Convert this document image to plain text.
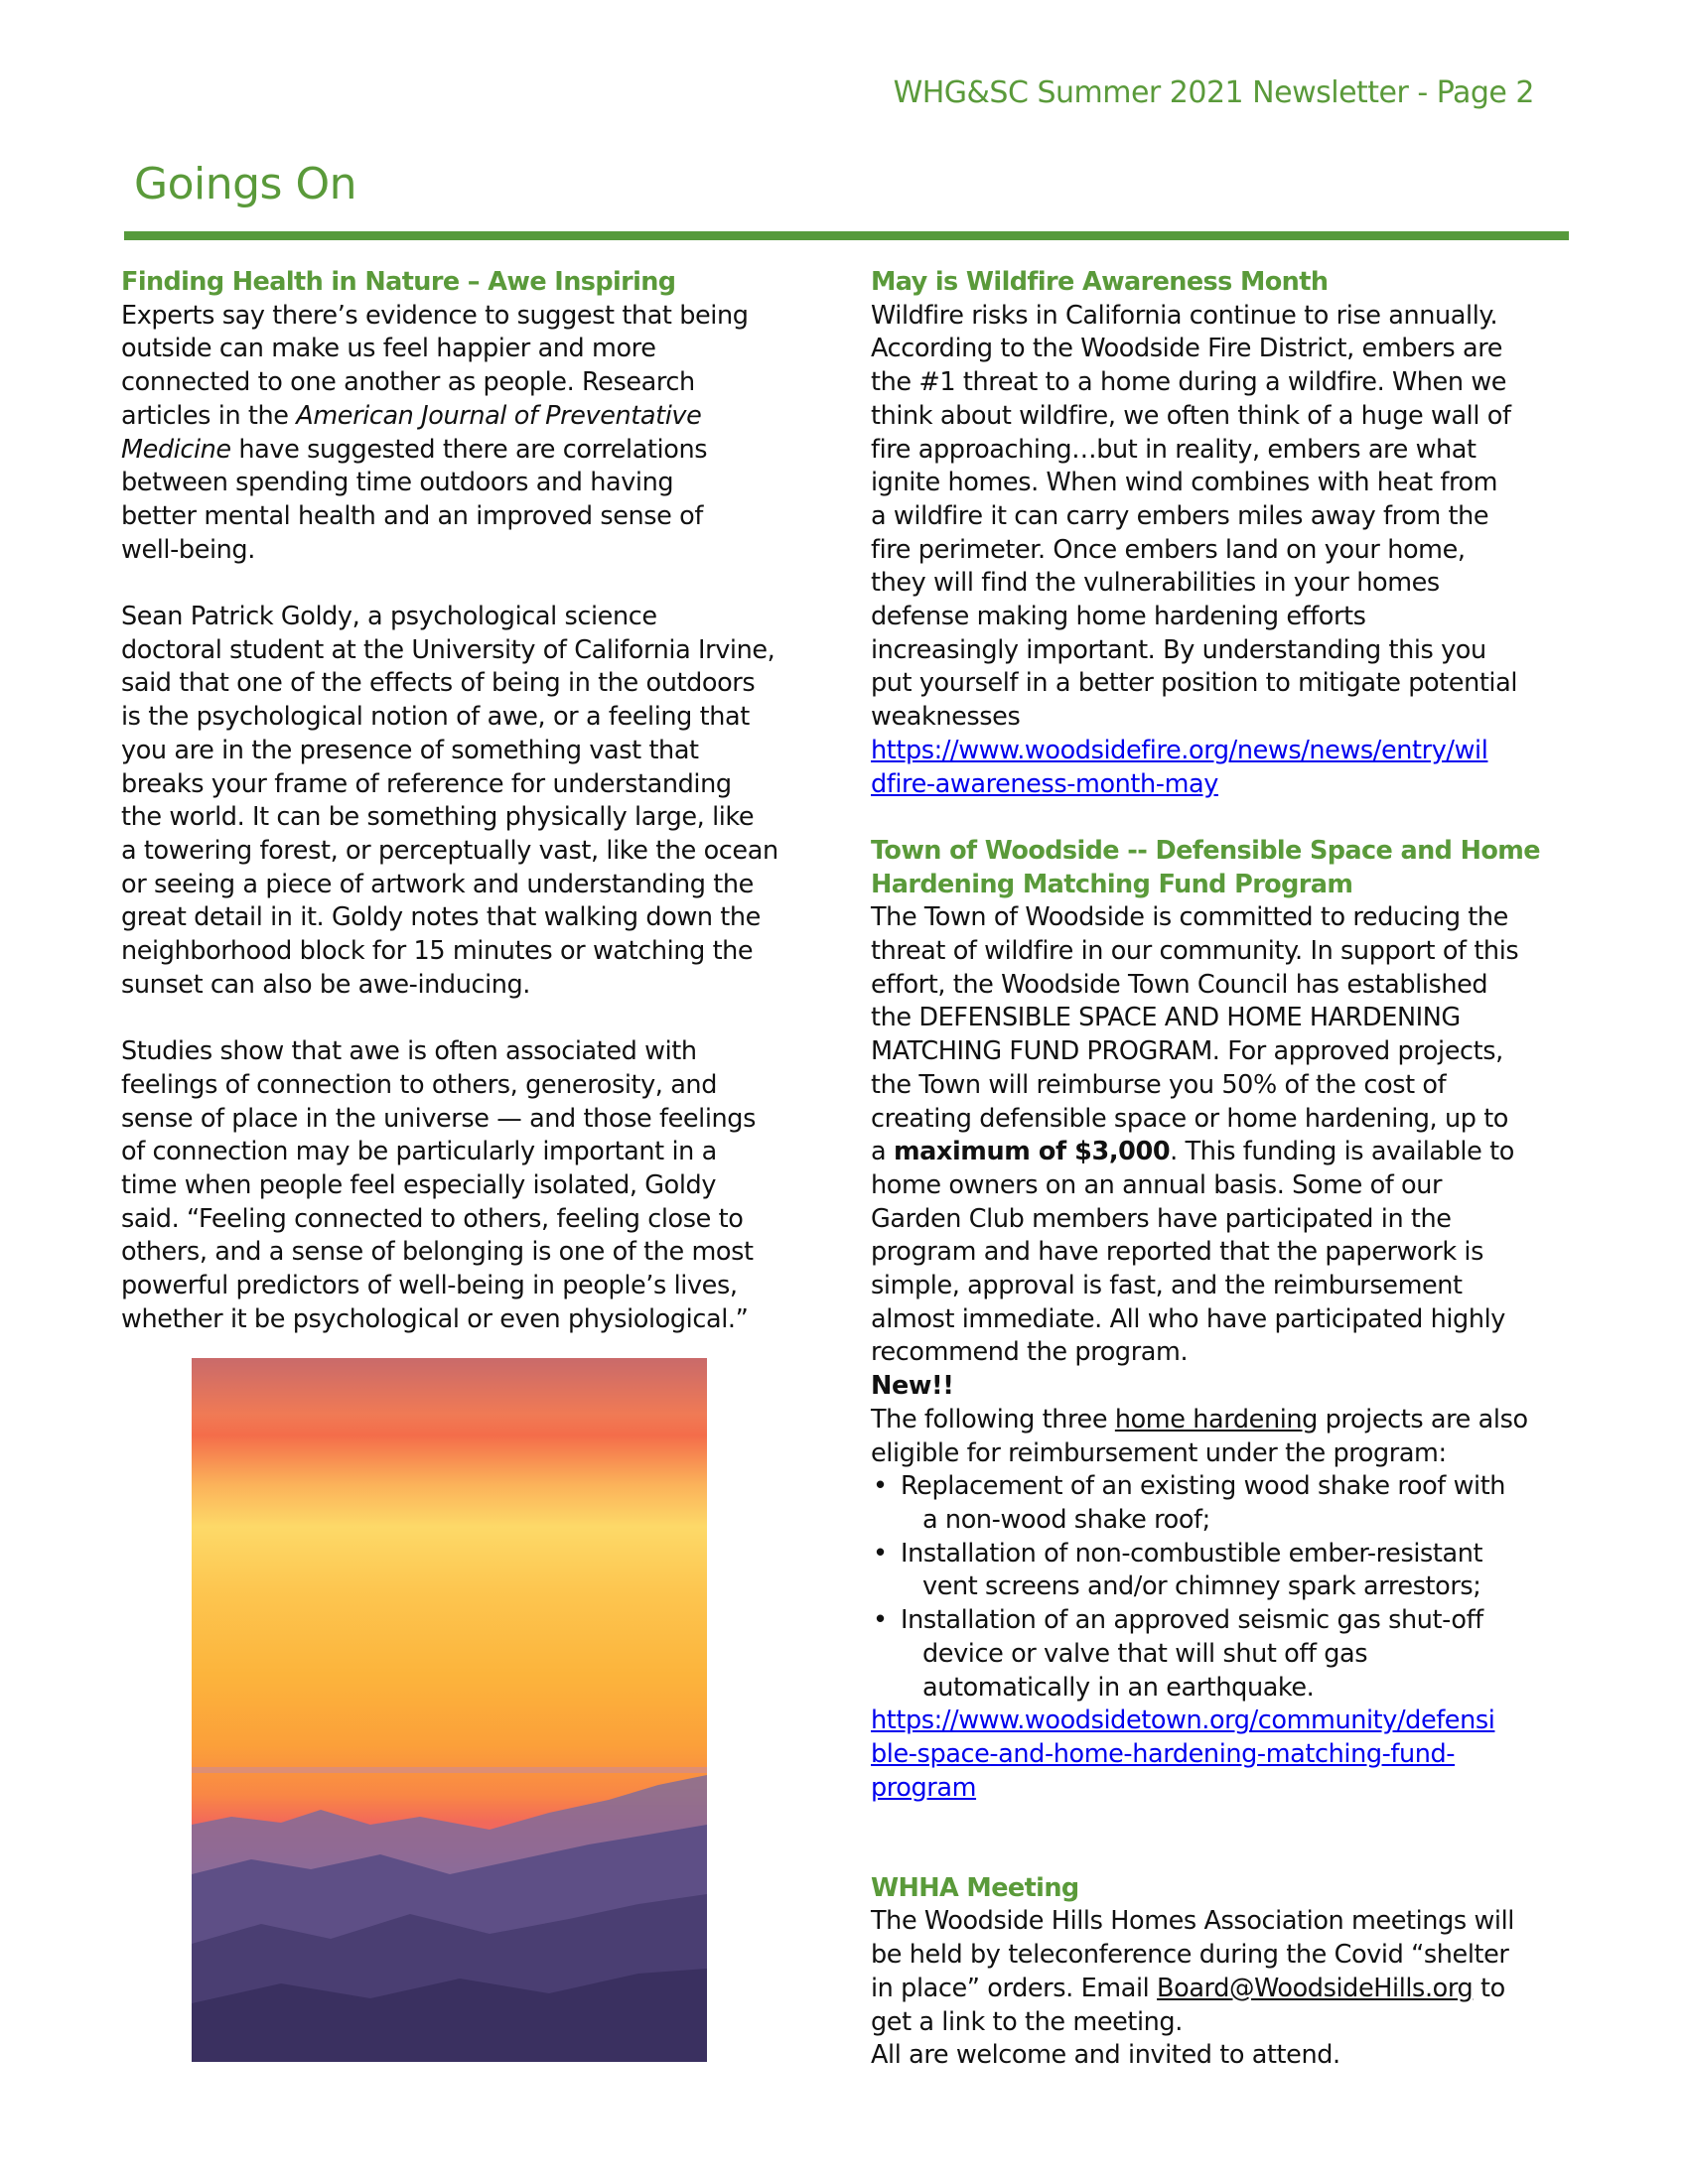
WHG&SC Summer 2021 Newsletter - Page 2
Goings On
Finding Health in Nature – Awe Inspiring
Experts say there’s evidence to suggest that being
outside can make us feel happier and more
connected to one another as people. Research
articles in the American Journal of Preventative
Medicine have suggested there are correlations
between spending time outdoors and having
better mental health and an improved sense of
well-being.
Sean Patrick Goldy, a psychological science
doctoral student at the University of California Irvine,
said that one of the effects of being in the outdoors
is the psychological notion of awe, or a feeling that
you are in the presence of something vast that
breaks your frame of reference for understanding
the world. It can be something physically large, like
a towering forest, or perceptually vast, like the ocean
or seeing a piece of artwork and understanding the
great detail in it. Goldy notes that walking down the
neighborhood block for 15 minutes or watching the
sunset can also be awe-inducing.
Studies show that awe is often associated with
feelings of connection to others, generosity, and
sense of place in the universe — and those feelings
of connection may be particularly important in a
time when people feel especially isolated, Goldy
said. “Feeling connected to others, feeling close to
others, and a sense of belonging is one of the most
powerful predictors of well-being in people’s lives,
whether it be psychological or even physiological.”
May is Wildfire Awareness Month
Wildfire risks in California continue to rise annually.
According to the Woodside Fire District, embers are
the #1 threat to a home during a wildfire. When we
think about wildfire, we often think of a huge wall of
fire approaching…but in reality, embers are what
ignite homes. When wind combines with heat from
a wildfire it can carry embers miles away from the
fire perimeter. Once embers land on your home,
they will find the vulnerabilities in your homes
defense making home hardening efforts
increasingly important. By understanding this you
put yourself in a better position to mitigate potential
weaknesses
https://www.woodsidefire.org/news/news/entry/wil
dfire-awareness-month-may
Town of Woodside -- Defensible Space and Home
Hardening Matching Fund Program
The Town of Woodside is committed to reducing the
threat of wildfire in our community. In support of this
effort, the Woodside Town Council has established
the DEFENSIBLE SPACE AND HOME HARDENING
MATCHING FUND PROGRAM. For approved projects,
the Town will reimburse you 50% of the cost of
creating defensible space or home hardening, up to
a maximum of $3,000. This funding is available to
home owners on an annual basis. Some of our
Garden Club members have participated in the
program and have reported that the paperwork is
simple, approval is fast, and the reimbursement
almost immediate. All who have participated highly
recommend the program.
New!!
The following three home hardening projects are also
eligible for reimbursement under the program:
• Replacement of an existing wood shake roof with
a non-wood shake roof;
• Installation of non-combustible ember-resistant
vent screens and/or chimney spark arrestors;
• Installation of an approved seismic gas shut-off
device or valve that will shut off gas
automatically in an earthquake.
https://www.woodsidetown.org/community/defensi
ble-space-and-home-hardening-matching-fund-
program
WHHA Meeting
The Woodside Hills Homes Association meetings will
be held by teleconference during the Covid “shelter
in place” orders. Email Board@WoodsideHills.org to
get a link to the meeting.
All are welcome and invited to attend.
